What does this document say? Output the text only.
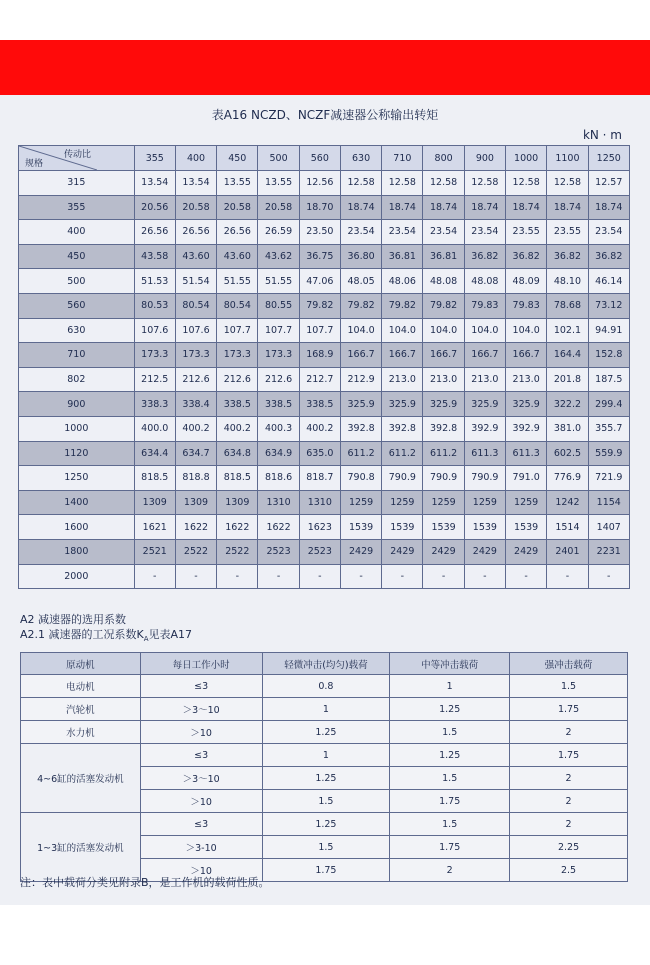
表A16 NCZD、NCZF减速器公称输出转矩
kN · m
传动比
规格	355	400	450	500	560	630	710	800	900	1000	1100	1250
315	13.54	13.54	13.55	13.55	12.56	12.58	12.58	12.58	12.58	12.58	12.58	12.57
355	20.56	20.58	20.58	20.58	18.70	18.74	18.74	18.74	18.74	18.74	18.74	18.74
400	26.56	26.56	26.56	26.59	23.50	23.54	23.54	23.54	23.54	23.55	23.55	23.54
450	43.58	43.60	43.60	43.62	36.75	36.80	36.81	36.81	36.82	36.82	36.82	36.82
500	51.53	51.54	51.55	51.55	47.06	48.05	48.06	48.08	48.08	48.09	48.10	46.14
560	80.53	80.54	80.54	80.55	79.82	79.82	79.82	79.82	79.83	79.83	78.68	73.12
630	107.6	107.6	107.7	107.7	107.7	104.0	104.0	104.0	104.0	104.0	102.1	94.91
710	173.3	173.3	173.3	173.3	168.9	166.7	166.7	166.7	166.7	166.7	164.4	152.8
802	212.5	212.6	212.6	212.6	212.7	212.9	213.0	213.0	213.0	213.0	201.8	187.5
900	338.3	338.4	338.5	338.5	338.5	325.9	325.9	325.9	325.9	325.9	322.2	299.4
1000	400.0	400.2	400.2	400.3	400.2	392.8	392.8	392.8	392.9	392.9	381.0	355.7
1120	634.4	634.7	634.8	634.9	635.0	611.2	611.2	611.2	611.3	611.3	602.5	559.9
1250	818.5	818.8	818.5	818.6	818.7	790.8	790.9	790.9	790.9	791.0	776.9	721.9
1400	1309	1309	1309	1310	1310	1259	1259	1259	1259	1259	1242	1154
1600	1621	1622	1622	1622	1623	1539	1539	1539	1539	1539	1514	1407
1800	2521	2522	2522	2523	2523	2429	2429	2429	2429	2429	2401	2231
2000	-	-	-	-	-	-	-	-	-	-	-	-
A2 减速器的选用系数
A2.1 减速器的工况系数$K_A$见表A17
原动机	每日工作小时	轻微冲击(均匀)载荷	中等冲击载荷	强冲击载荷
电动机	≤3	0.8	1	1.5
汽轮机	＞3～10	1	1.25	1.75
水力机	＞10	1.25	1.5	2
4~6缸的活塞发动机	≤3	1	1.25	1.75
	＞3～10	1.25	1.5	2
	＞10	1.5	1.75	2
1~3缸的活塞发动机	≤3	1.25	1.5	2
	＞3-10	1.5	1.75	2.25
	＞10	1.75	2	2.5
注：表中载荷分类见附录B，是工作机的载荷性质。
